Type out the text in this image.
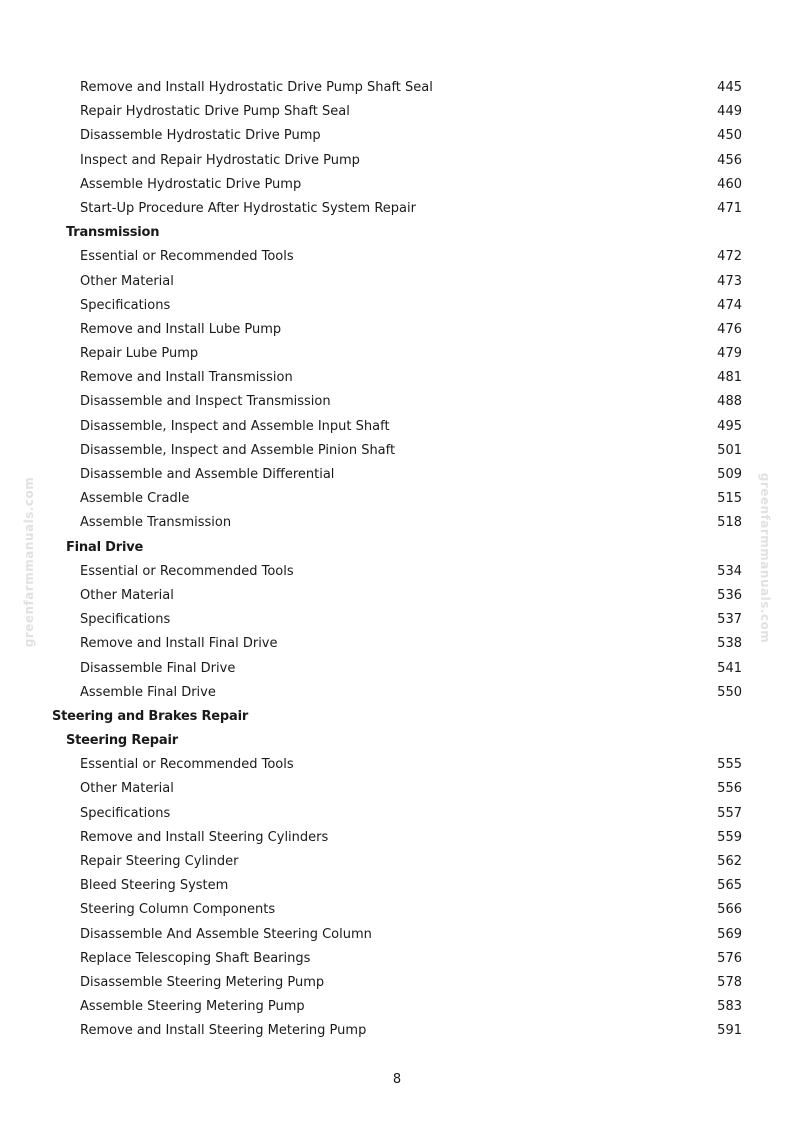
greenfarmmanuals.com	greenfarmmanuals.com
Remove and Install Hydrostatic Drive Pump Shaft Seal	445
Repair Hydrostatic Drive Pump Shaft Seal	449
Disassemble Hydrostatic Drive Pump	450
Inspect and Repair Hydrostatic Drive Pump	456
Assemble Hydrostatic Drive Pump	460
Start-Up Procedure After Hydrostatic System Repair	471
Transmission
Essential or Recommended Tools	472
Other Material	473
Specifications	474
Remove and Install Lube Pump	476
Repair Lube Pump	479
Remove and Install Transmission	481
Disassemble and Inspect Transmission	488
Disassemble, Inspect and Assemble Input Shaft	495
Disassemble, Inspect and Assemble Pinion Shaft	501
Disassemble and Assemble Differential	509
Assemble Cradle	515
Assemble Transmission	518
Final Drive
Essential or Recommended Tools	534
Other Material	536
Specifications	537
Remove and Install Final Drive	538
Disassemble Final Drive	541
Assemble Final Drive	550
Steering and Brakes Repair
Steering Repair
Essential or Recommended Tools	555
Other Material	556
Specifications	557
Remove and Install Steering Cylinders	559
Repair Steering Cylinder	562
Bleed Steering System	565
Steering Column Components	566
Disassemble And Assemble Steering Column	569
Replace Telescoping Shaft Bearings	576
Disassemble Steering Metering Pump	578
Assemble Steering Metering Pump	583
Remove and Install Steering Metering Pump	591
8
